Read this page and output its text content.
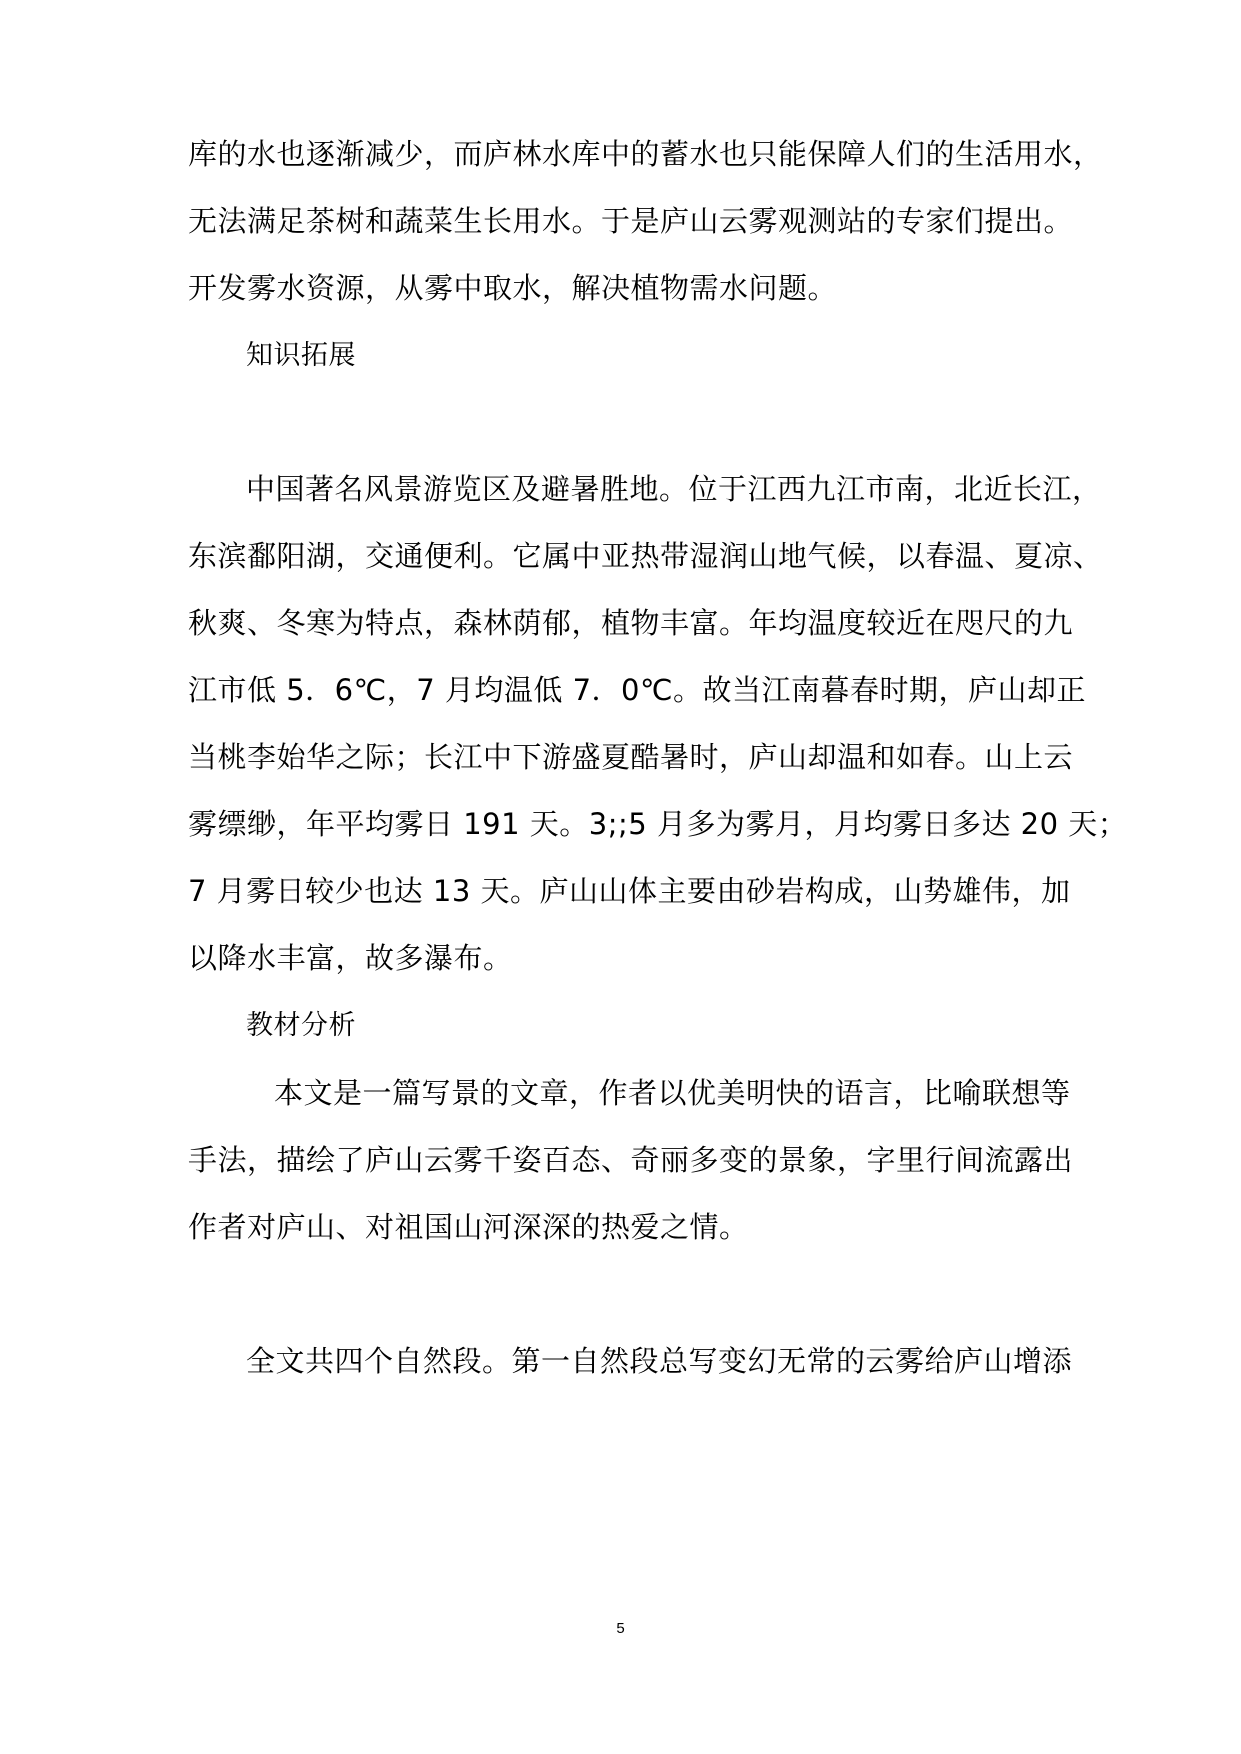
库的水也逐渐减少，而庐林水库中的蓄水也只能保障人们的生活用水，
无法满足茶树和蔬菜生长用水。于是庐山云雾观测站的专家们提出。
开发雾水资源，从雾中取水，解决植物需水问题。
知识拓展
中国著名风景游览区及避暑胜地。位于江西九江市南，北近长江，
东滨鄱阳湖，交通便利。它属中亚热带湿润山地气候，以春温、夏凉、
秋爽、冬寒为特点，森林荫郁，植物丰富。年均温度较近在咫尺的九
江市低 5．6℃，7 月均温低 7．0℃。故当江南暮春时期，庐山却正
当桃李始华之际；长江中下游盛夏酷暑时，庐山却温和如春。山上云
雾缥缈，年平均雾日 191 天。3;;5 月多为雾月，月均雾日多达 20 天；
7 月雾日较少也达 13 天。庐山山体主要由砂岩构成，山势雄伟，加
以降水丰富，故多瀑布。
教材分析
本文是一篇写景的文章，作者以优美明快的语言，比喻联想等
手法，描绘了庐山云雾千姿百态、奇丽多变的景象，字里行间流露出
作者对庐山、对祖国山河深深的热爱之情。
全文共四个自然段。第一自然段总写变幻无常的云雾给庐山增添
5
